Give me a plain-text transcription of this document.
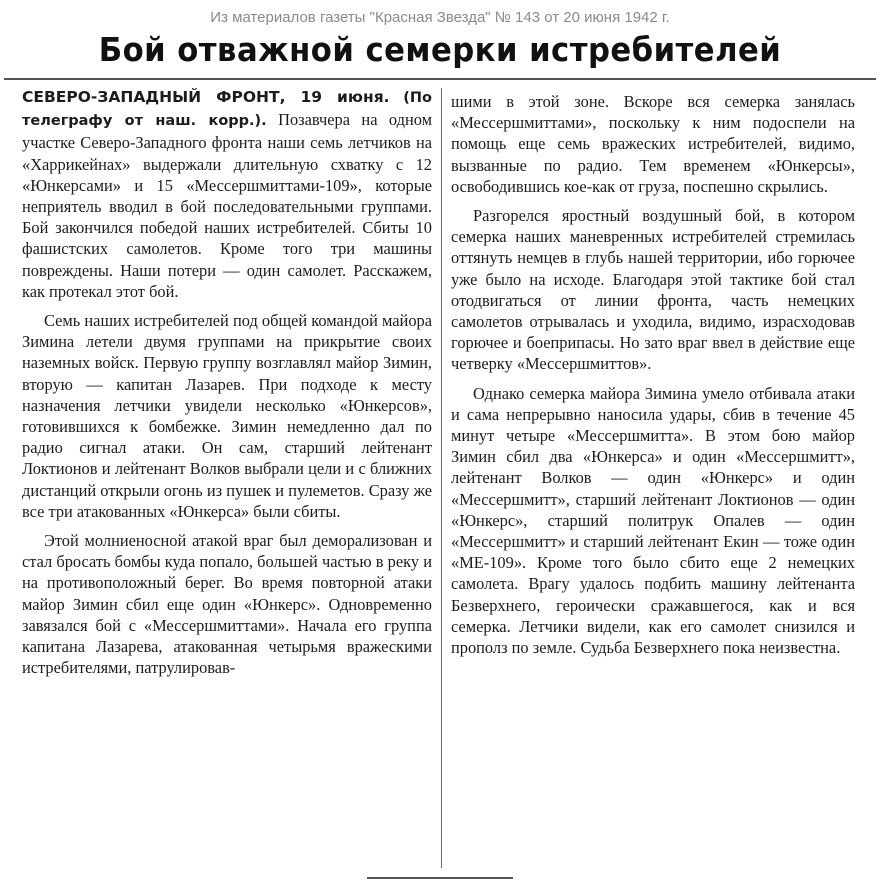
Из материалов газеты "Красная Звезда" № 143 от 20 июня 1942 г.
Бой отважной семерки истребителей

СЕВЕРО-ЗАПАДНЫЙ ФРОНТ, 19 июня. (По телеграфу от наш. корр.). Позавчера на одном участке Северо-Западного фронта наши семь летчиков на «Харрикейнах» выдержали длительную схватку с 12 «Юнкерсами» и 15 «Мессершмиттами-109», которые неприятель вводил в бой последовательными группами. Бой закончился победой наших истребителей. Сбиты 10 фашистских самолетов. Кроме того три машины повреждены. Наши потери — один самолет. Расскажем, как протекал этот бой.

Семь наших истребителей под общей командой майора Зимина летели двумя группами на прикрытие своих наземных войск. Первую группу возглавлял майор Зимин, вторую — капитан Лазарев. При подходе к месту назначения летчики увидели несколько «Юнкерсов», готовившихся к бомбежке. Зимин немедленно дал по радио сигнал атаки. Он сам, старший лейтенант Локтионов и лейтенант Волков выбрали цели и с ближних дистанций открыли огонь из пушек и пулеметов. Сразу же все три атакованных «Юнкерса» были сбиты.

Этой молниеносной атакой враг был деморализован и стал бросать бомбы куда попало, большей частью в реку и на противоположный берег. Во время повторной атаки майор Зимин сбил еще один «Юнкерс». Одновременно завязался бой с «Мессершмиттами». Начала его группа капитана Лазарева, атакованная четырьмя вражескими истребителями, патрулировав-

шими в этой зоне. Вскоре вся семерка занялась «Мессершмиттами», поскольку к ним подоспели на помощь еще семь вражеских истребителей, видимо, вызванные по радио. Тем временем «Юнкерсы», освободившись кое-как от груза, поспешно скрылись.

Разгорелся яростный воздушный бой, в котором семерка наших маневренных истребителей стремилась оттянуть немцев в глубь нашей территории, ибо горючее уже было на исходе. Благодаря этой тактике бой стал отодвигаться от линии фронта, часть немецких самолетов отрывалась и уходила, видимо, израсходовав горючее и боеприпасы. Но зато враг ввел в действие еще четверку «Мессершмиттов».

Однако семерка майора Зимина умело отбивала атаки и сама непрерывно наносила удары, сбив в течение 45 минут четыре «Мессершмитта». В этом бою майор Зимин сбил два «Юнкерса» и один «Мессершмитт», лейтенант Волков — один «Юнкерс» и один «Мессершмитт», старший лейтенант Локтионов — один «Юнкерс», старший политрук Опалев — один «Мессершмитт» и старший лейтенант Екин — тоже один «МЕ-109». Кроме того было сбито еще 2 немецких самолета. Врагу удалось подбить машину лейтенанта Безверхнего, героически сражавшегося, как и вся семерка. Летчики видели, как его самолет снизился и прополз по земле. Судьба Безверхнего пока неизвестна.
